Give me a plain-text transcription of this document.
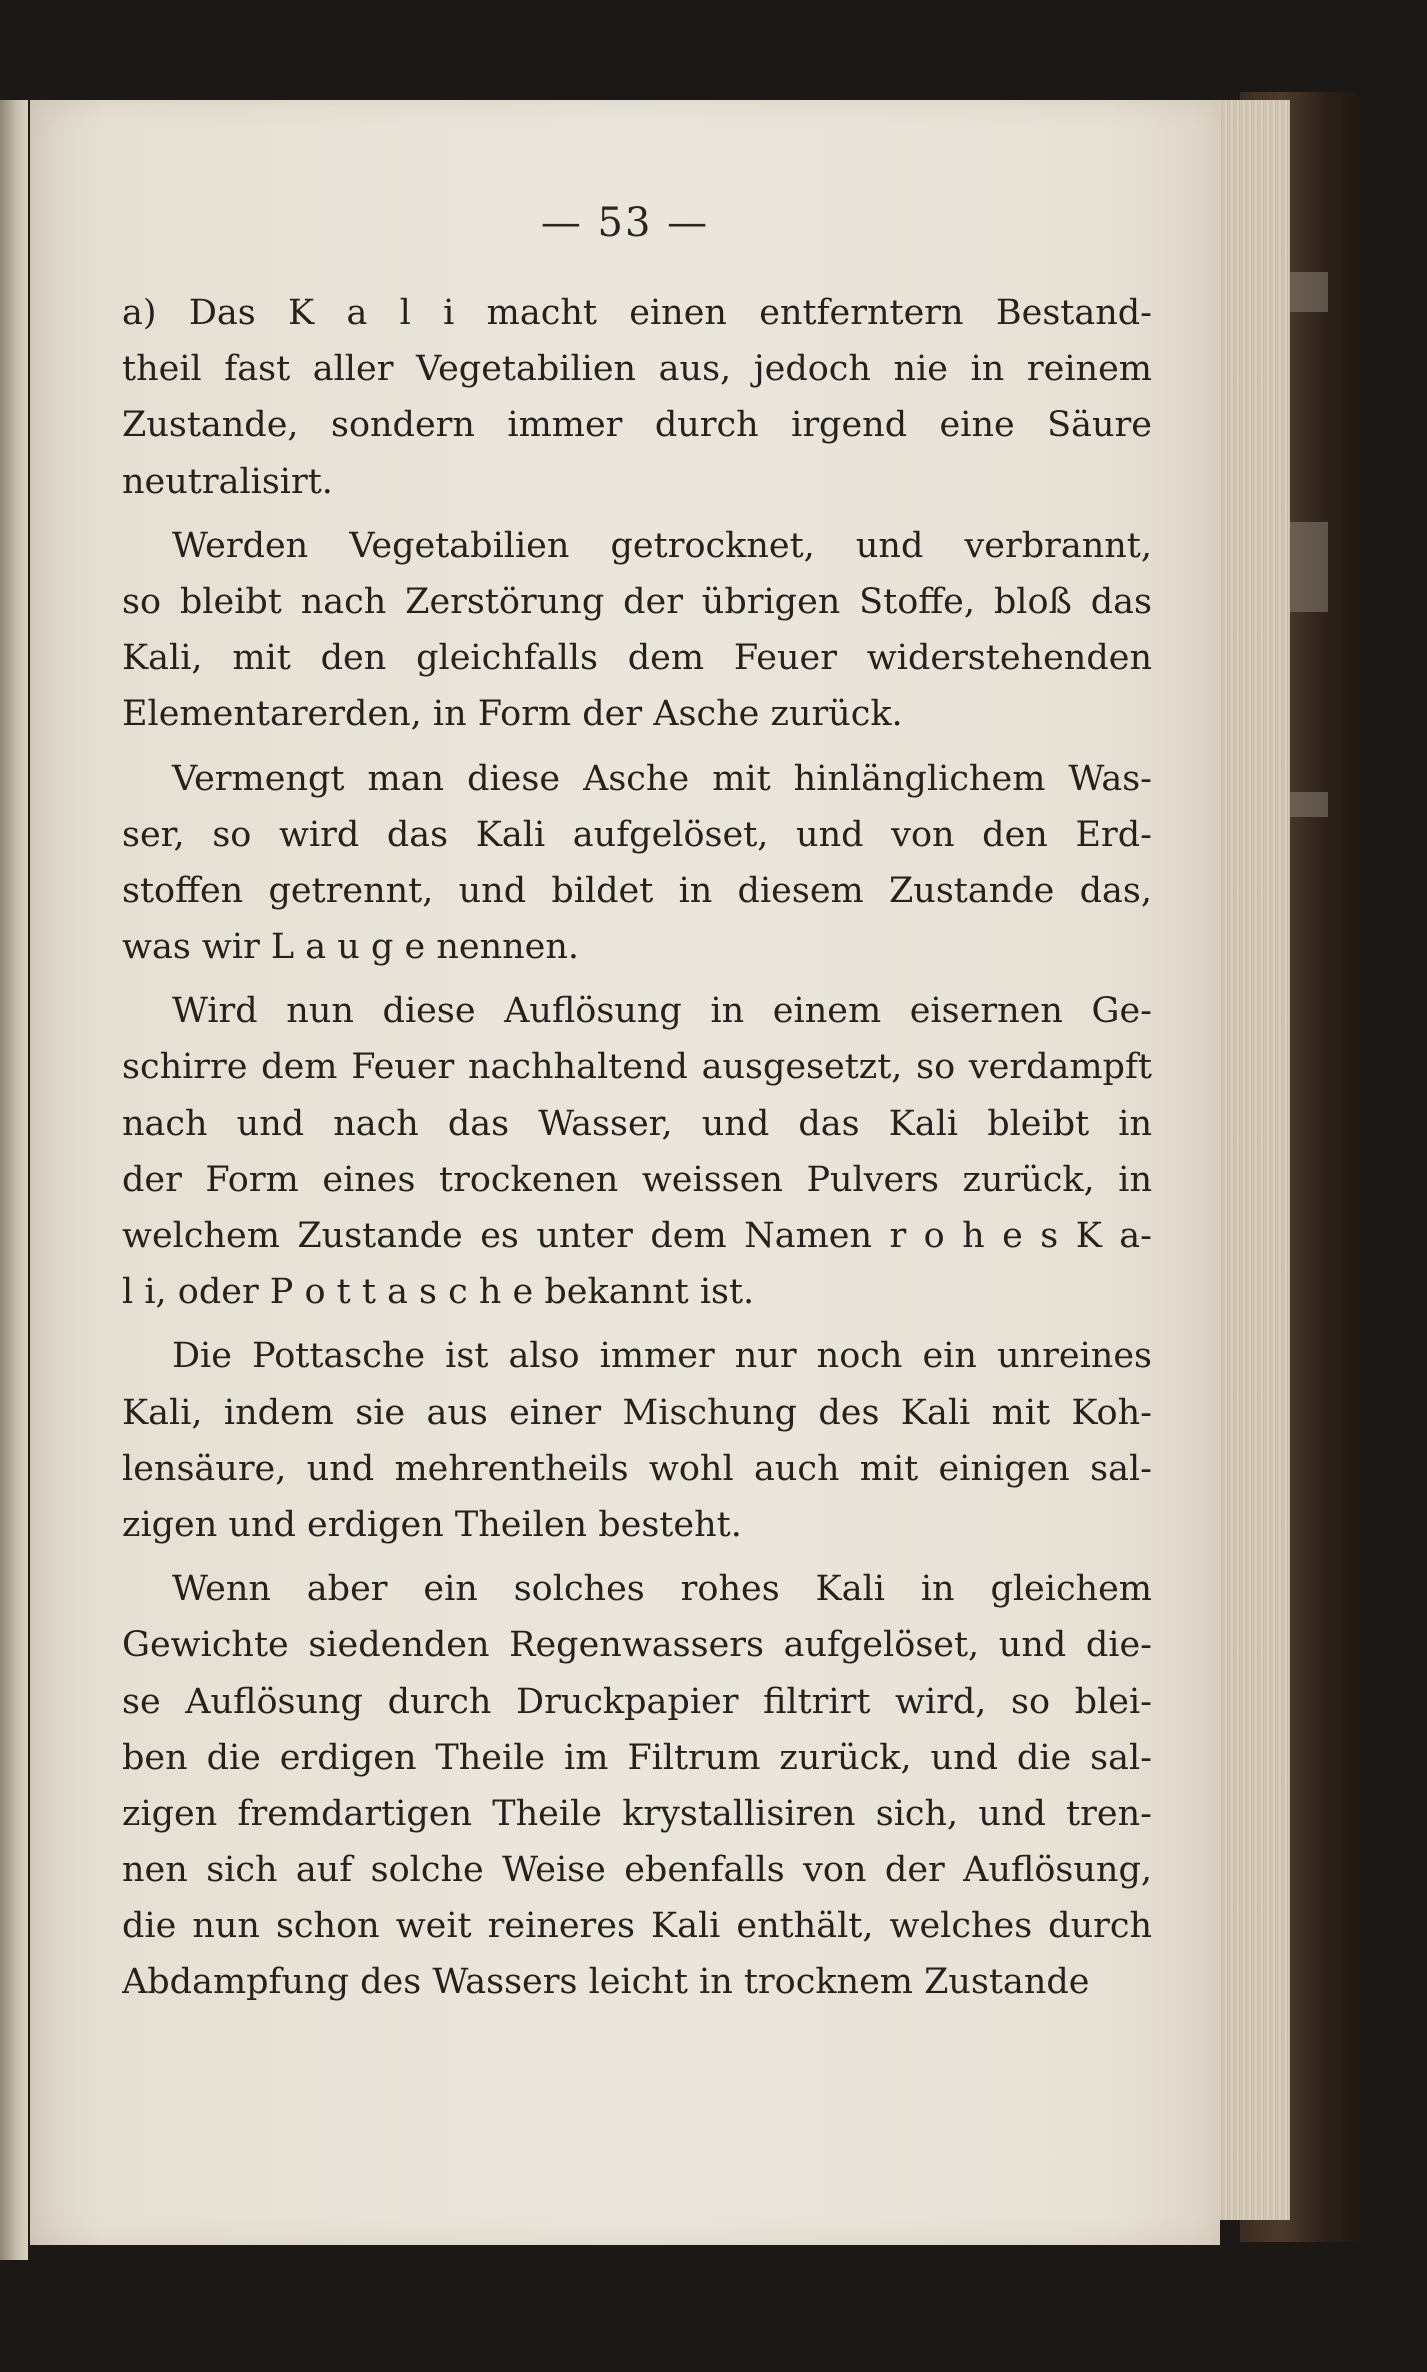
— 53 —
a) Das K a l i macht einen entferntern Bestand-
theil fast aller Vegetabilien aus, jedoch nie in reinem
Zustande, sondern immer durch irgend eine Säure
neutralisirt.
Werden Vegetabilien getrocknet, und verbrannt,
so bleibt nach Zerstörung der übrigen Stoffe, bloß das
Kali, mit den gleichfalls dem Feuer widerstehenden
Elementarerden, in Form der Asche zurück.
Vermengt man diese Asche mit hinlänglichem Was-
ser, so wird das Kali aufgelöset, und von den Erd-
stoffen getrennt, und bildet in diesem Zustande das,
was wir L a u g e nennen.
Wird nun diese Auflösung in einem eisernen Ge-
schirre dem Feuer nachhaltend ausgesetzt, so verdampft
nach und nach das Wasser, und das Kali bleibt in
der Form eines trockenen weissen Pulvers zurück, in
welchem Zustande es unter dem Namen r o h e s K a-
l i, oder P o t t a s c h e bekannt ist.
Die Pottasche ist also immer nur noch ein unreines
Kali, indem sie aus einer Mischung des Kali mit Koh-
lensäure, und mehrentheils wohl auch mit einigen sal-
zigen und erdigen Theilen besteht.
Wenn aber ein solches rohes Kali in gleichem
Gewichte siedenden Regenwassers aufgelöset, und die-
se Auflösung durch Druckpapier filtrirt wird, so blei-
ben die erdigen Theile im Filtrum zurück, und die sal-
zigen fremdartigen Theile krystallisiren sich, und tren-
nen sich auf solche Weise ebenfalls von der Auflösung,
die nun schon weit reineres Kali enthält, welches durch
Abdampfung des Wassers leicht in trocknem Zustande
